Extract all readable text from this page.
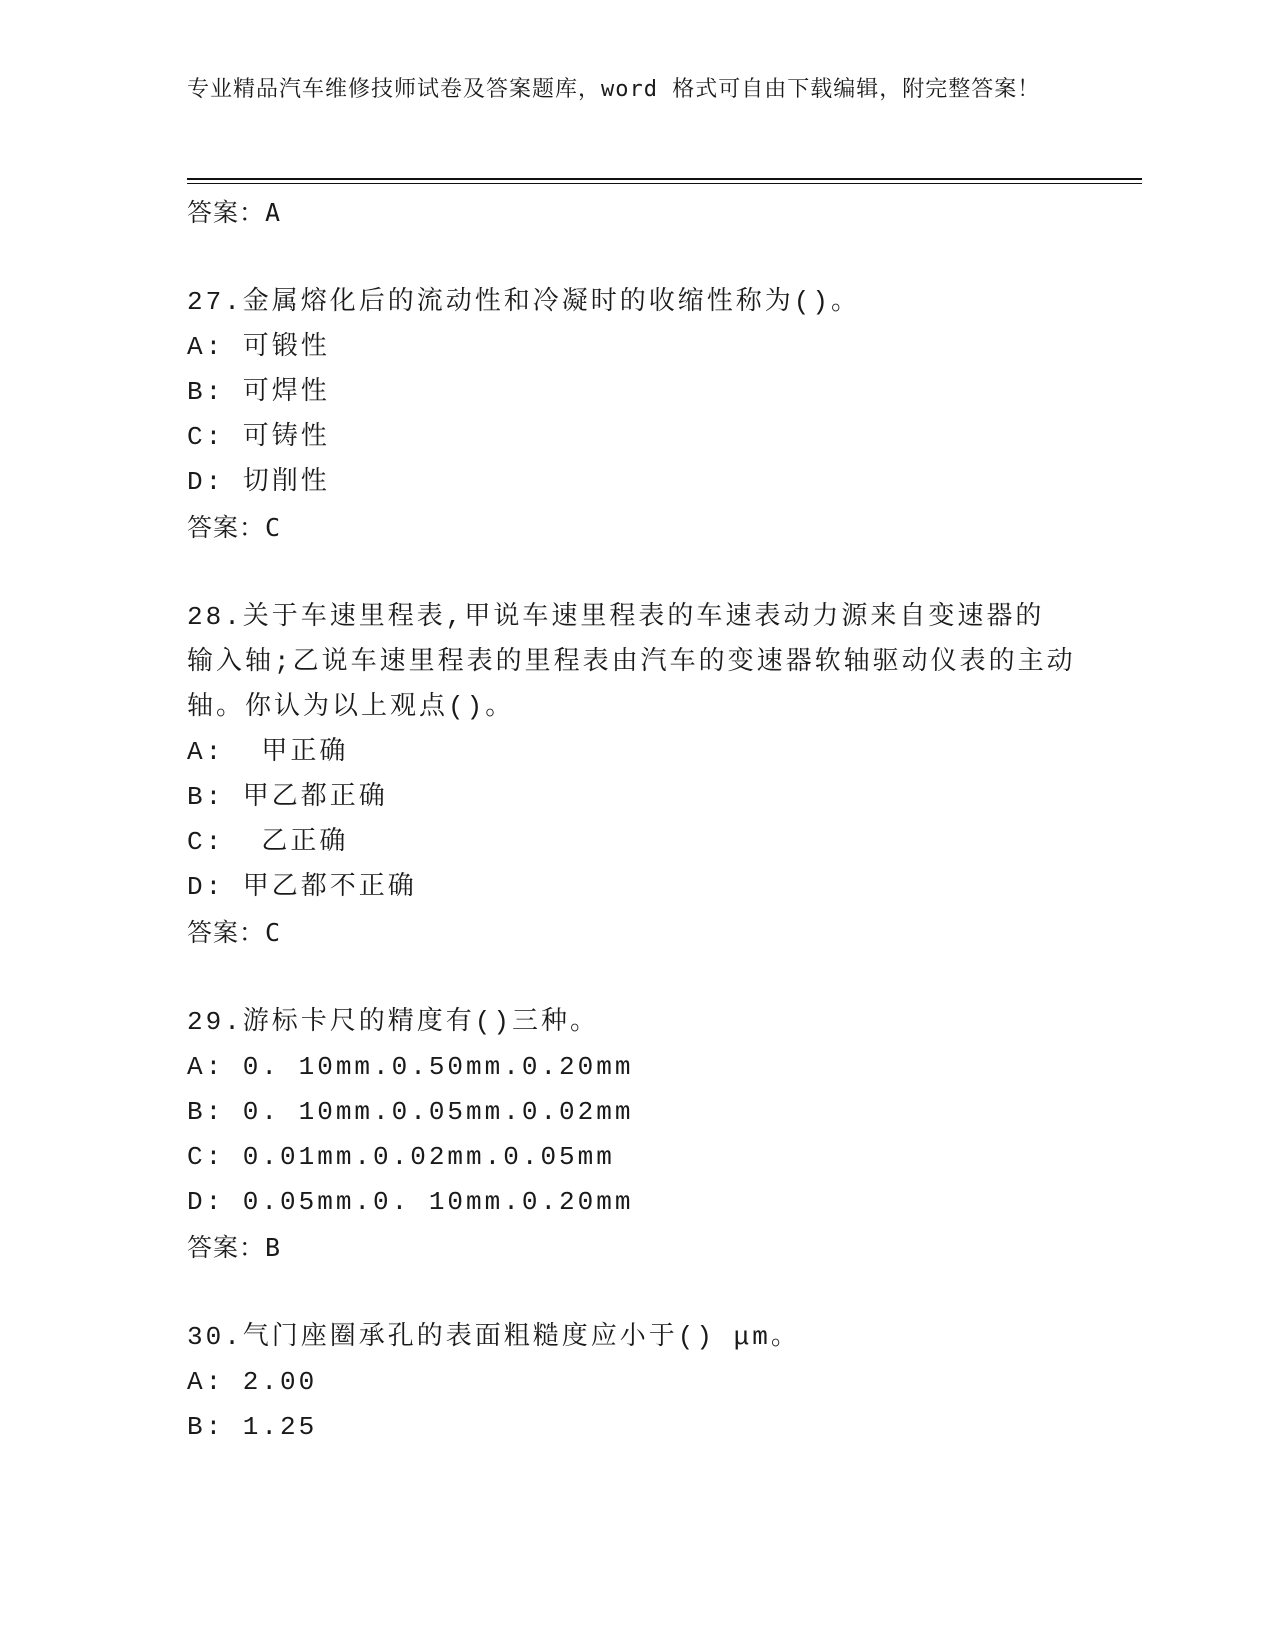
专业精品汽车维修技师试卷及答案题库，word 格式可自由下载编辑，附完整答案！
答案：A
27.金属熔化后的流动性和冷凝时的收缩性称为()。
A: 可锻性
B: 可焊性
C: 可铸性
D: 切削性
答案：C
28.关于车速里程表,甲说车速里程表的车速表动力源来自变速器的 输入轴;乙说车速里程表的里程表由汽车的变速器软轴驱动仪表的主动轴。你认为以上观点()。
A:  甲正确
B: 甲乙都正确
C:  乙正确
D: 甲乙都不正确
答案：C
29.游标卡尺的精度有()三种。
A: 0. 10mm.0.50mm.0.20mm
B: 0. 10mm.0.05mm.0.02mm
C: 0.01mm.0.02mm.0.05mm
D: 0.05mm.0. 10mm.0.20mm
答案：B
30.气门座圈承孔的表面粗糙度应小于() μm。
A: 2.00
B: 1.25
